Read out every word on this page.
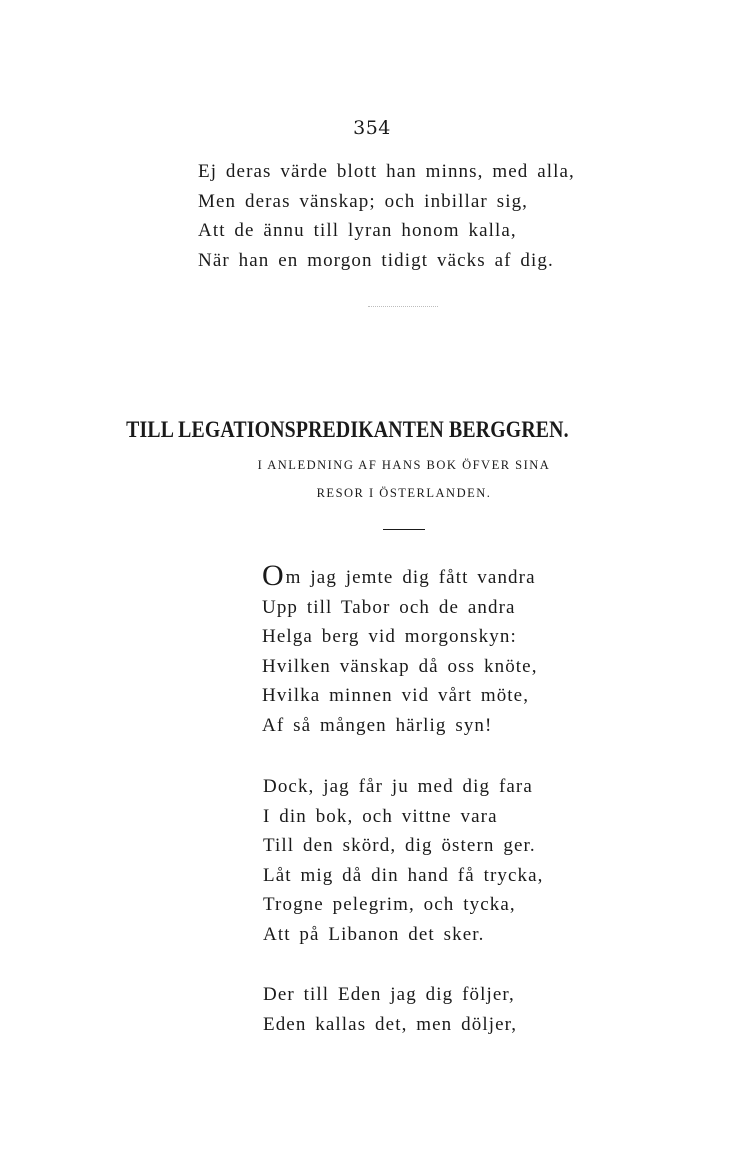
354
Ej deras värde blott han minns, med alla,
Men deras vänskap; och inbillar sig,
Att de ännu till lyran honom kalla,
När han en morgon tidigt väcks af dig.
TILL LEGATIONSPREDIKANTEN BERGGREN.

I ANLEDNING AF HANS BOK ÖFVER SINA

RESOR I ÖSTERLANDEN.

Om jag jemte dig fått vandra
Upp till Tabor och de andra
Helga berg vid morgonskyn:
Hvilken vänskap då oss knöte,
Hvilka minnen vid vårt möte,
Af så mången härlig syn!
Dock, jag får ju med dig fara
I din bok, och vittne vara
Till den skörd, dig östern ger.
Låt mig då din hand få trycka,
Trogne pelegrim, och tycka,
Att på Libanon det sker.
Der till Eden jag dig följer,
Eden kallas det, men döljer,
